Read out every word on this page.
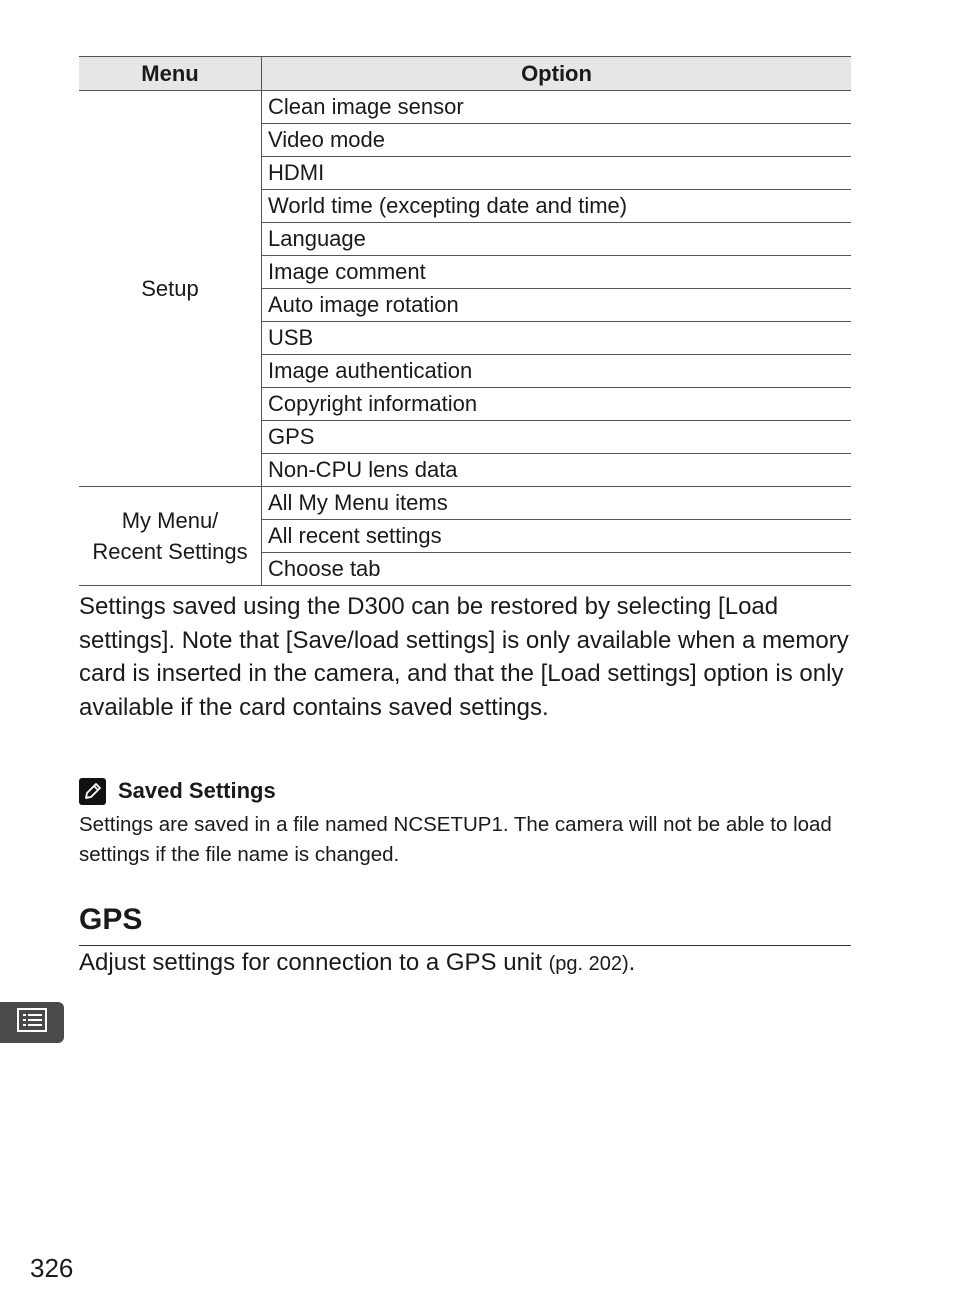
Menu	Option
Setup	Clean image sensor
	Video mode
	HDMI
	World time (excepting date and time)
	Language
	Image comment
	Auto image rotation
	USB
	Image authentication
	Copyright information
	GPS
	Non-CPU lens data
My Menu/
Recent Settings	All My Menu items
	All recent settings
	Choose tab

Settings saved using the D300 can be restored by selecting [Load settings]. Note that [Save/load settings] is only available when a memory card is inserted in the camera, and that the [Load settings] option is only available if the card contains saved settings.

Saved Settings

Settings are saved in a file named NCSETUP1. The camera will not be able to load settings if the file name is changed.

GPS

Adjust settings for connection to a GPS unit (pg. 202).

326
